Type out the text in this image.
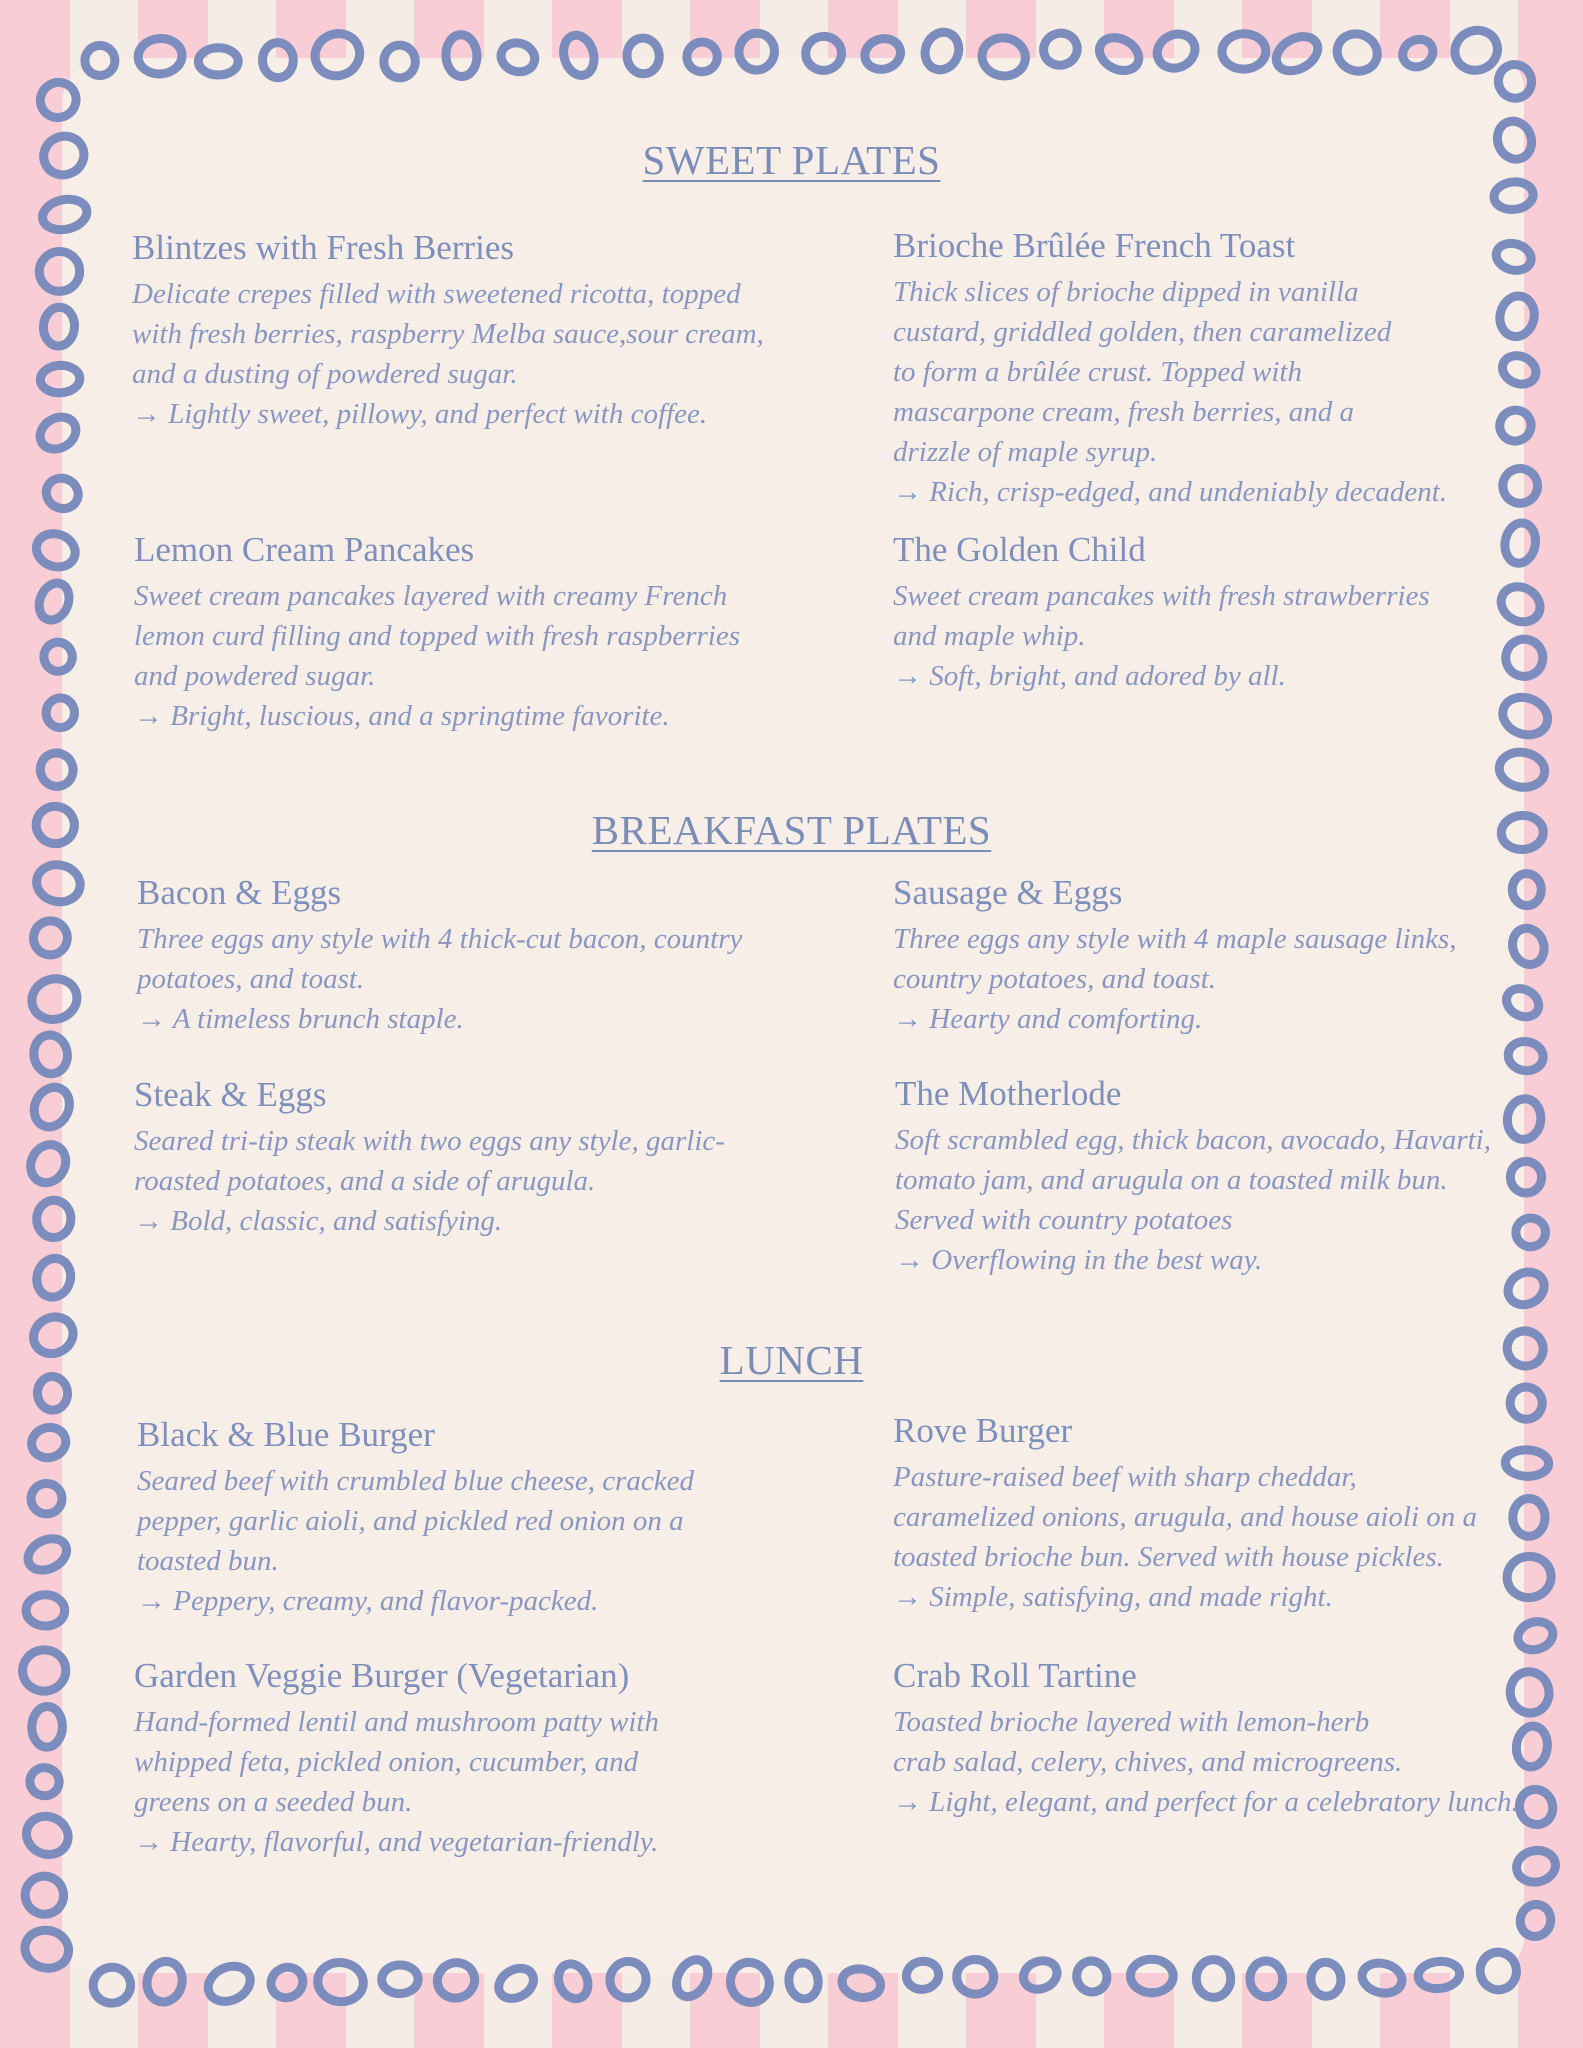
SWEET PLATES
Blintzes with Fresh Berries
Delicate crepes filled with sweetened ricotta, topped
with fresh berries, raspberry Melba sauce,sour cream,
and a dusting of powdered sugar.
→ Lightly sweet, pillowy, and perfect with coffee.
Brioche Brûlée French Toast
Thick slices of brioche dipped in vanilla
custard, griddled golden, then caramelized
to form a brûlée crust. Topped with
mascarpone cream, fresh berries, and a
drizzle of maple syrup.
→ Rich, crisp-edged, and undeniably decadent.
Lemon Cream Pancakes
Sweet cream pancakes layered with creamy French
lemon curd filling and topped with fresh raspberries
and powdered sugar.
→ Bright, luscious, and a springtime favorite.
The Golden Child
Sweet cream pancakes with fresh strawberries
and maple whip.
→ Soft, bright, and adored by all.
BREAKFAST PLATES
Bacon & Eggs
Three eggs any style with 4 thick-cut bacon, country
potatoes, and toast.
→ A timeless brunch staple.
Sausage & Eggs
Three eggs any style with 4 maple sausage links,
country potatoes, and toast.
→ Hearty and comforting.
Steak & Eggs
Seared tri-tip steak with two eggs any style, garlic-
roasted potatoes, and a side of arugula.
→ Bold, classic, and satisfying.
The Motherlode
Soft scrambled egg, thick bacon, avocado, Havarti,
tomato jam, and arugula on a toasted milk bun.
Served with country potatoes
→ Overflowing in the best way.
LUNCH
Black & Blue Burger
Seared beef with crumbled blue cheese, cracked
pepper, garlic aioli, and pickled red onion on a
toasted bun.
→ Peppery, creamy, and flavor-packed.
Rove Burger
Pasture-raised beef with sharp cheddar,
caramelized onions, arugula, and house aioli on a
toasted brioche bun. Served with house pickles.
→ Simple, satisfying, and made right.
Garden Veggie Burger (Vegetarian)
Hand-formed lentil and mushroom patty with
whipped feta, pickled onion, cucumber, and
greens on a seeded bun.
→ Hearty, flavorful, and vegetarian-friendly.
Crab Roll Tartine
Toasted brioche layered with lemon-herb
crab salad, celery, chives, and microgreens.
→ Light, elegant, and perfect for a celebratory lunch.
